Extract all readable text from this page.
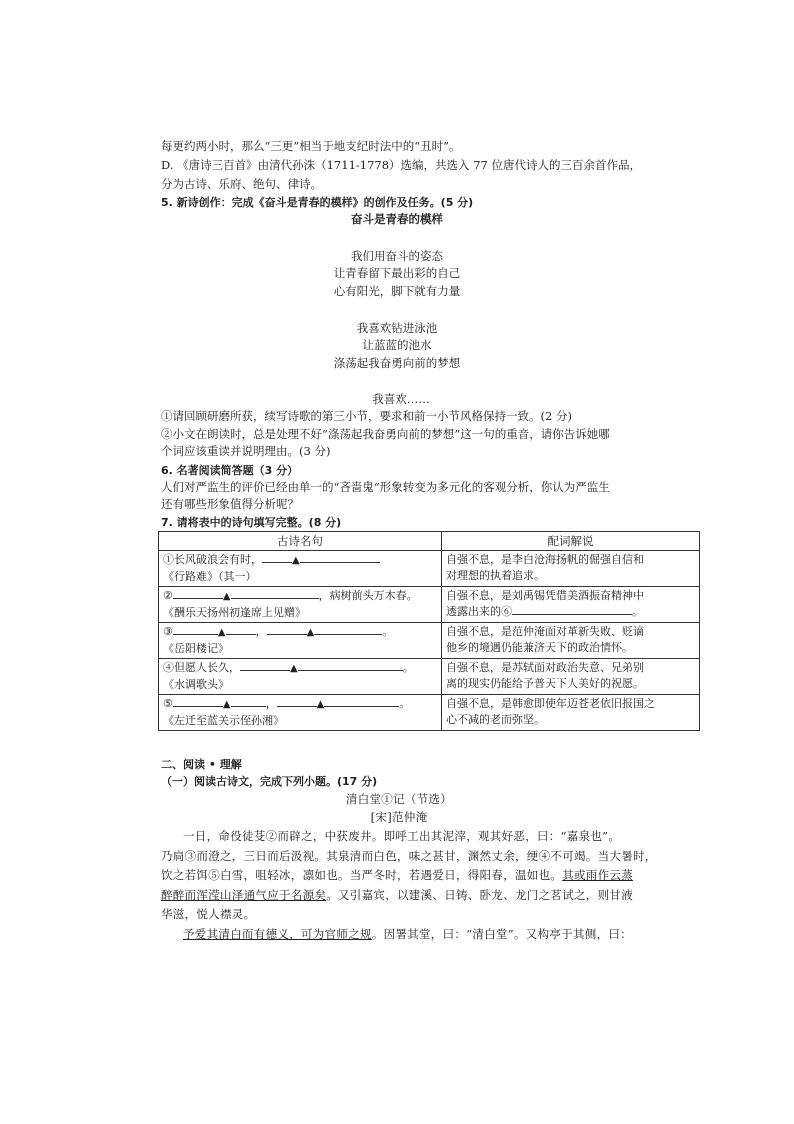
每更约两小时，那么“三更”相当于地支纪时法中的“丑时”。
D. 《唐诗三百首》由清代孙洙（1711-1778）选编，共选入 77 位唐代诗人的三百余首作品，
分为古诗、乐府、绝句、律诗。
5. 新诗创作：完成《奋斗是青春的模样》的创作及任务。(5 分)
奋斗是青春的模样
我们用奋斗的姿态
让青春留下最出彩的自己
心有阳光，脚下就有力量
我喜欢钻进泳池
让蓝蓝的池水
涤荡起我奋勇向前的梦想
我喜欢……
①请回顾研磨所获，续写诗歌的第三小节，要求和前一小节风格保持一致。(2 分)
②小文在朗读时，总是处理不好“涤荡起我奋勇向前的梦想”这一句的重音，请你告诉她哪
个词应该重读并说明理由。(3 分)
6. 名著阅读简答题（3 分）
人们对严监生的评价已经由单一的“吝啬鬼“形象转变为多元化的客观分析，你认为严监生
还有哪些形象值得分析呢？
7. 请将表中的诗句填写完整。(8 分)
古诗名句	配词解说
①长风破浪会有时， ▲
《行路难》（其一）	自强不息，是李白沧海扬帆的倔强自信和
对理想的执着追求。
② ▲ ，病树前头万木春。
《酬乐天扬州初逢席上见赠》	自强不息，是刘禹锡凭借美酒振奋精神中
透露出来的⑥ 。
③ ▲ ， ▲ 。
《岳阳楼记》	自强不息，是范仲淹面对革新失败、贬谪
他乡的境遇仍能兼济天下的政治情怀。
④但愿人长久， ▲ 。
《水调歌头》	自强不息，是苏轼面对政治失意、兄弟别
离的现实仍能给予普天下人美好的祝愿。
⑤ ▲ ， ▲ 。
《左迁至蓝关示侄孙湘》	自强不息，是韩愈即使年迈苍老依旧报国之
心不减的老而弥坚。
二、阅读 • 理解
（一）阅读古诗文，完成下列小题。(17 分)
清白堂①记（节选）
[宋]范仲淹
一日，命役徒芟②而辟之，中获废井。即呼工出其泥滓，观其好恶，曰：“嘉泉也”。
乃扃③而澄之，三日而后汲视。其泉清而白色，味之甚甘，渊然丈余，绠④不可竭。当大暑时，
饮之若饵⑤白雪，咀轻冰，凛如也。当严冬时，若遇爱日，得阳春，温如也。其或雨作云蒸
醉醉而浑滢山泽通气应于名源矣。又引嘉宾，以建溪、日铸、卧龙、龙门之茗试之，则甘液
华滋，悦人襟灵。
予爱其清白而有德义，可为官师之规。因署其堂，曰：“清白堂”。又构亭于其侧，曰：
